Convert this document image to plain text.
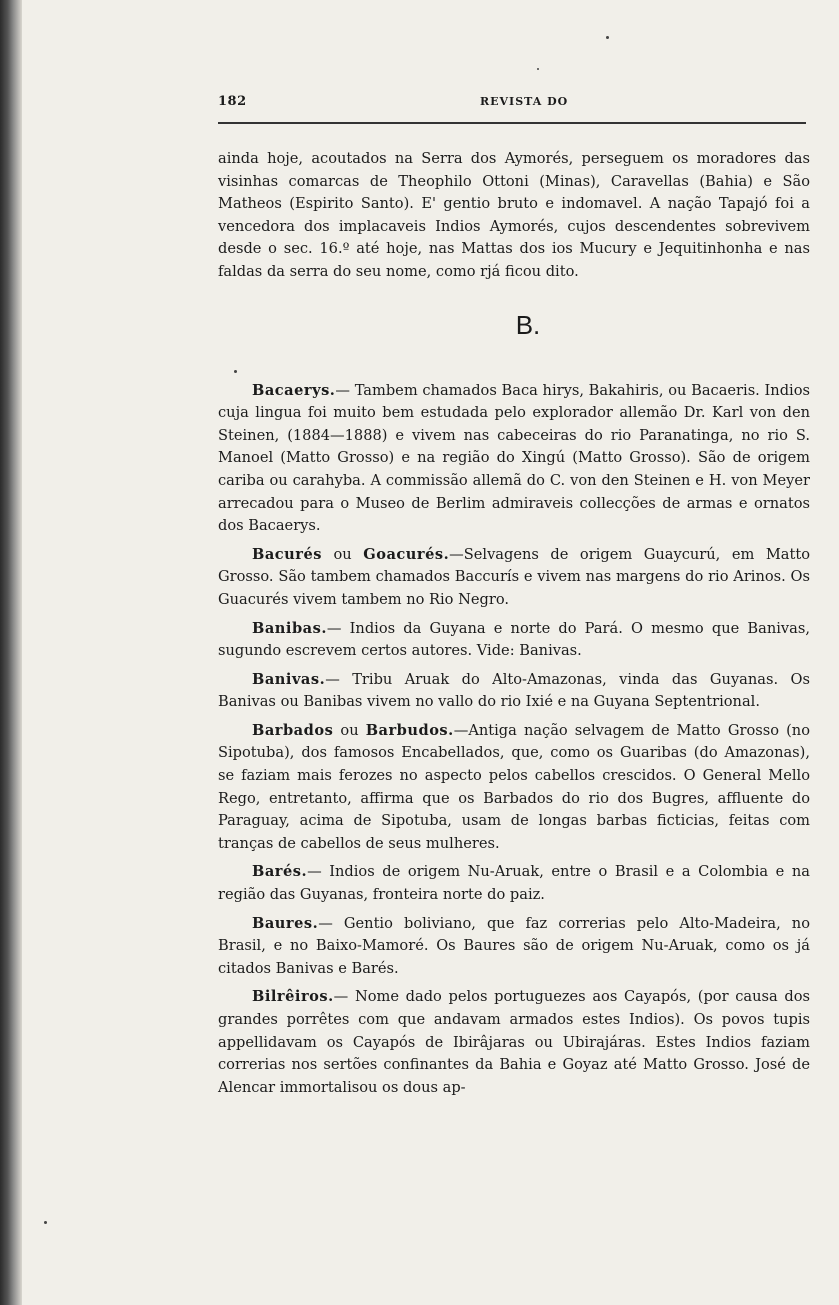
182	REVISTA DO

ainda hoje, acoutados na Serra dos Aymorés, perseguem os moradores das visinhas comarcas de Theophilo Ottoni (Minas), Caravellas (Bahia) e São Matheos (Espirito Santo). E' gentio bruto e indomavel. A nação Tapajó foi a vencedora dos implacaveis Indios Aymorés, cujos descendentes sobrevivem desde o sec. 16.º até hoje, nas Mattas dos ios Mucury e Jequitinhonha e nas faldas da serra do seu nome, como rjá ficou dito.

B.

Bacaerys.— Tambem chamados Baca hirys, Bakahiris, ou Bacaeris. Indios cuja lingua foi muito bem estudada pelo explorador allemão Dr. Karl von den Steinen, (1884—1888) e vivem nas cabeceiras do rio Paranatinga, no rio S. Manoel (Matto Grosso) e na região do Xingú (Matto Grosso). São de origem cariba ou carahyba. A commissão allemã do C. von den Steinen e H. von Meyer arrecadou para o Museo de Berlim admiraveis collecções de armas e ornatos dos Bacaerys.

Bacurés ou Goacurés.—Selvagens de origem Guaycurú, em Matto Grosso. São tambem chamados Baccurís e vivem nas margens do rio Arinos. Os Guacurés vivem tambem no Rio Negro.

Banibas.— Indios da Guyana e norte do Pará. O mesmo que Banivas, sugundo escrevem certos autores. Vide: Banivas.

Banivas.— Tribu Aruak do Alto-Amazonas, vinda das Guyanas. Os Banivas ou Banibas vivem no vallo do rio Ixié e na Guyana Septentrional.

Barbados ou Barbudos.—Antiga nação selvagem de Matto Grosso (no Sipotuba), dos famosos Encabellados, que, como os Guaribas (do Amazonas), se faziam mais ferozes no aspecto pelos cabellos crescidos. O General Mello Rego, entretanto, affirma que os Barbados do rio dos Bugres, affluente do Paraguay, acima de Sipotuba, usam de longas barbas ficticias, feitas com tranças de cabellos de seus mulheres.

Barés.— Indios de origem Nu-Aruak, entre o Brasil e a Colombia e na região das Guyanas, fronteira norte do paiz.

Baures.— Gentio boliviano, que faz correrias pelo Alto-Madeira, no Brasil, e no Baixo-Mamoré. Os Baures são de origem Nu-Aruak, como os já citados Banivas e Barés.

Bilrêiros.— Nome dado pelos portuguezes aos Cayapós, (por causa dos grandes porrêtes com que andavam armados estes Indios). Os povos tupis appellidavam os Cayapós de Ibirâjaras ou Ubirajáras. Estes Indios faziam correrias nos sertões confinantes da Bahia e Goyaz até Matto Grosso. José de Alencar immortalisou os dous ap-
